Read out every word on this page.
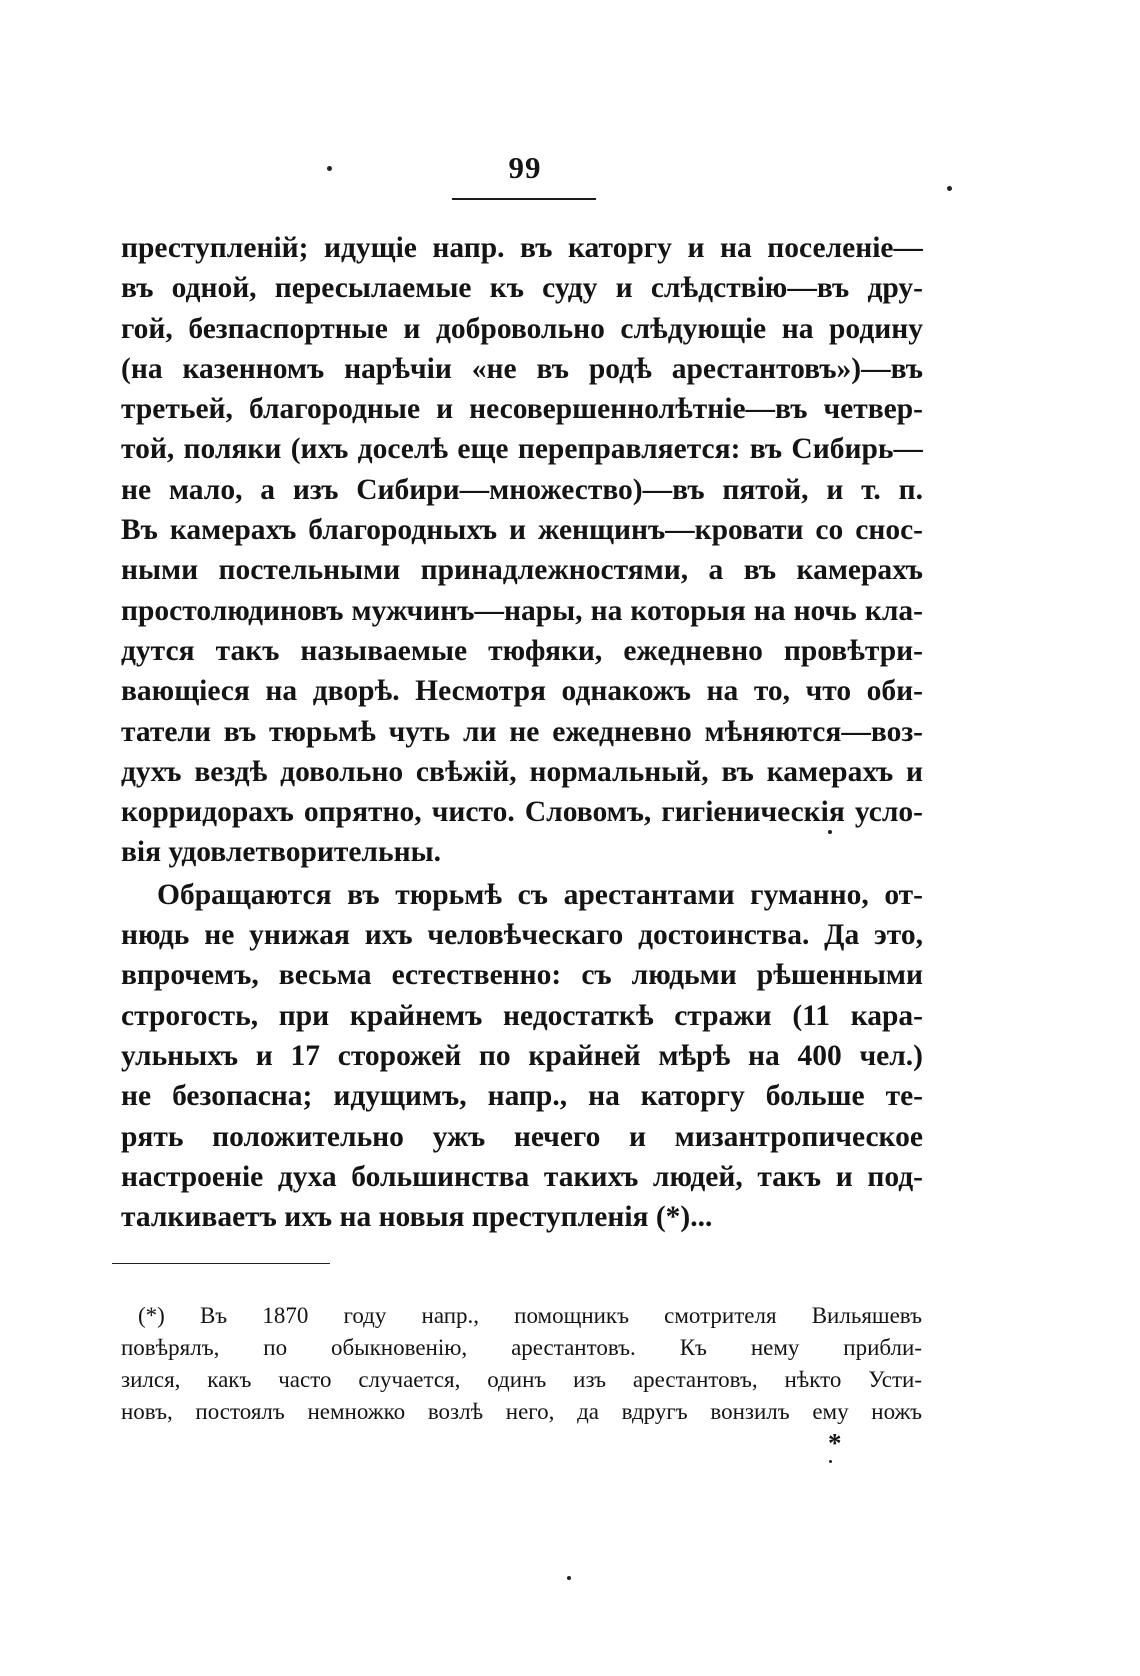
99
преступленій; идущіе напр. въ каторгу и на поселеніе—
въ одной, пересылаемые къ суду и слѣдствію—въ дру-
гой, безпаспортные и добровольно слѣдующіе на родину
(на казенномъ нарѣчіи «не въ родѣ арестантовъ»)—въ
третьей, благородные и несовершеннолѣтніе—въ четвер-
той, поляки (ихъ доселѣ еще переправляется: въ Сибирь—
не мало, а изъ Сибири—множество)—въ пятой, и т. п.
Въ камерахъ благородныхъ и женщинъ—кровати со снос-
ными постельными принадлежностями, а въ камерахъ
простолюдиновъ мужчинъ—нары, на которыя на ночь кла-
дутся такъ называемые тюфяки, ежедневно провѣтри-
вающіеся на дворѣ. Несмотря однакожъ на то, что оби-
татели въ тюрьмѣ чуть ли не ежедневно мѣняются—воз-
духъ вездѣ довольно свѣжій, нормальный, въ камерахъ и
корридорахъ опрятно, чисто. Словомъ, гигіеническія усло-
вія удовлетворительны.
Обращаются въ тюрьмѣ съ арестантами гуманно, от-
нюдь не унижая ихъ человѣческаго достоинства. Да это,
впрочемъ, весьма естественно: съ людьми рѣшенными
строгость, при крайнемъ недостаткѣ стражи (11 кара-
ульныхъ и 17 сторожей по крайней мѣрѣ на 400 чел.)
не безопасна; идущимъ, напр., на каторгу больше те-
рять положительно ужъ нечего и мизантропическое
настроеніе духа большинства такихъ людей, такъ и под-
талкиваетъ ихъ на новыя преступленія (*)...
(*) Въ 1870 году напр., помощникъ смотрителя Вильяшевъ
повѣрялъ, по обыкновенію, арестантовъ. Къ нему прибли-
зился, какъ часто случается, одинъ изъ арестантовъ, нѣкто Усти-
новъ, постоялъ немножко возлѣ него, да вдругъ вонзилъ ему ножъ
*
